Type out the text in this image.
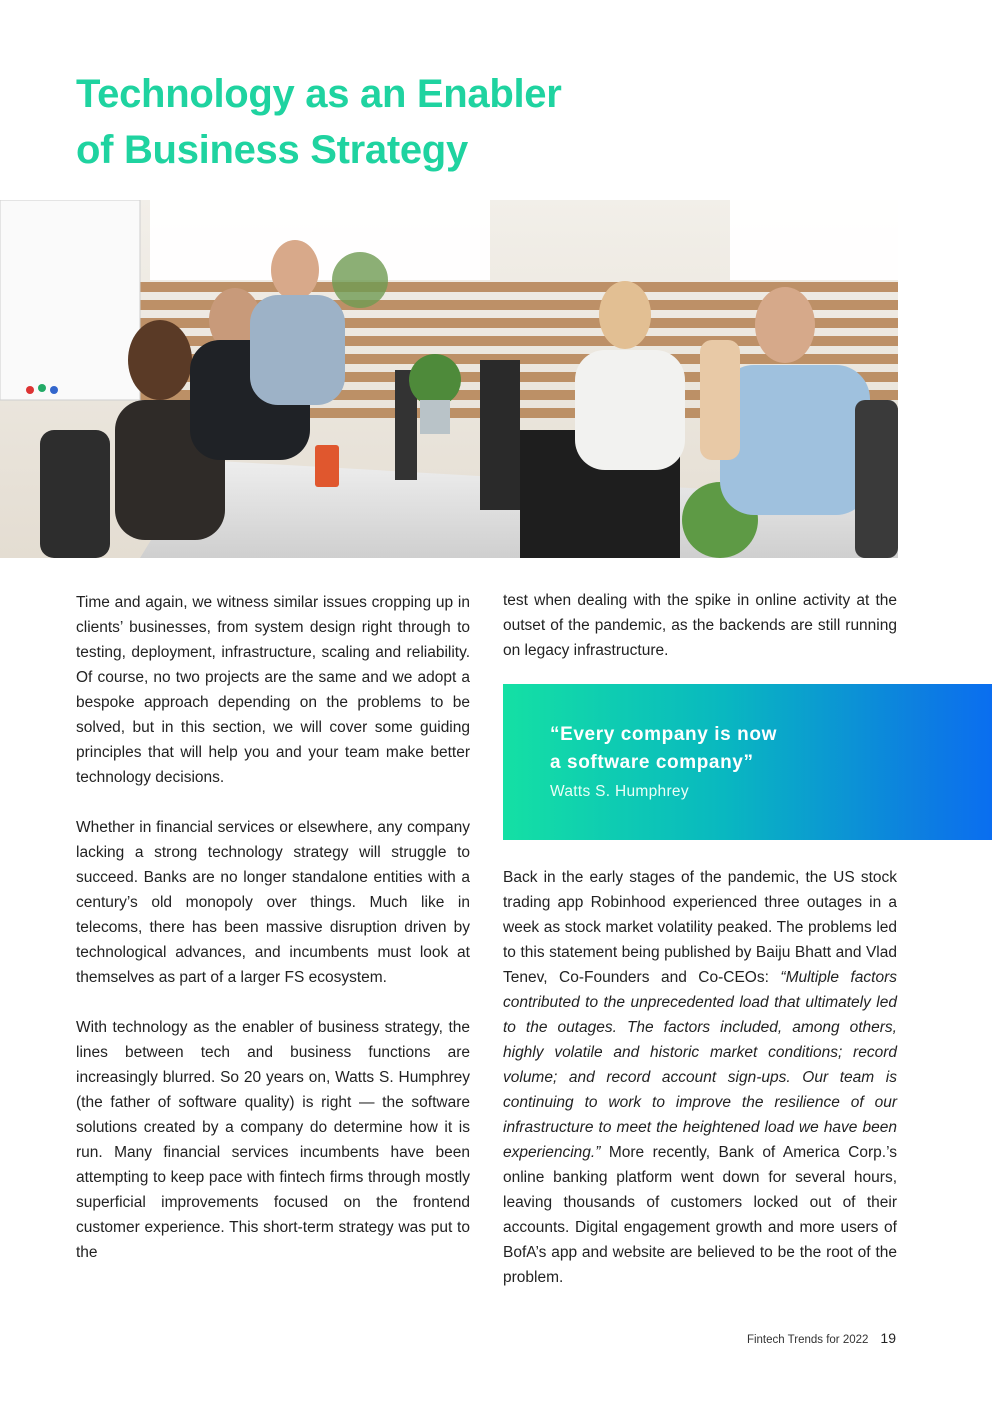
Technology as an Enabler
of Business Strategy

Time and again, we witness similar issues cropping up in clients’ businesses, from system design right through to testing, deployment, infrastructure, scaling and reliability. Of course, no two projects are the same and we adopt a bespoke approach depending on the problems to be solved, but in this section, we will cover some guiding principles that will help you and your team make better technology decisions.

Whether in financial services or elsewhere, any company lacking a strong technology strategy will struggle to succeed. Banks are no longer standalone entities with a century’s old monopoly over things. Much like in telecoms, there has been massive disruption driven by technological advances, and incumbents must look at themselves as part of a larger FS ecosystem.

With technology as the enabler of business strategy, the lines between tech and business functions are increasingly blurred. So 20 years on, Watts S. Humphrey (the father of software quality) is right — the software solutions created by a company do determine how it is run. Many financial services incumbents have been attempting to keep pace with fintech firms through mostly superficial improvements focused on the frontend customer experience. This short-term strategy was put to the

test when dealing with the spike in online activity at the outset of the pandemic, as the backends are still running on legacy infrastructure.

“Every company is now
a software company”
Watts S. Humphrey

Back in the early stages of the pandemic, the US stock trading app Robinhood experienced three outages in a week as stock market volatility peaked. The problems led to this statement being published by Baiju Bhatt and Vlad Tenev, Co-Founders and Co-CEOs: “Multiple factors contributed to the unprecedented load that ultimately led to the outages. The factors included, among others, highly volatile and historic market conditions; record volume; and record account sign-ups. Our team is continuing to work to improve the resilience of our infrastructure to meet the heightened load we have been experiencing.” More recently, Bank of America Corp.’s online banking platform went down for several hours, leaving thousands of customers locked out of their accounts. Digital engagement growth and more users of BofA’s app and website are believed to be the root of the problem.

Fintech Trends for 2022 19
